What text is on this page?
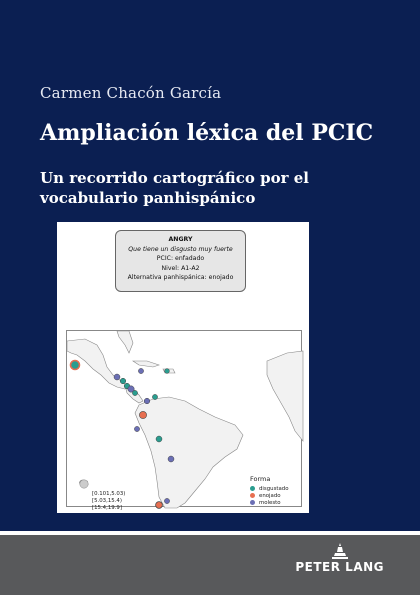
Carmen Chacón García
Ampliación léxica del PCIC
Un recorrido cartográfico por el vocabulario panhispánico
ANGRY
Que tiene un disgusto muy fuerte
PCIC: enfadado
Nivel: A1-A2
Alternativa panhispánica: enojado
[0.101,5.03)
[5.03,15.4)
[15.4,19.9]
Forma
disgustado
enojado
molesto
PETER LANG
